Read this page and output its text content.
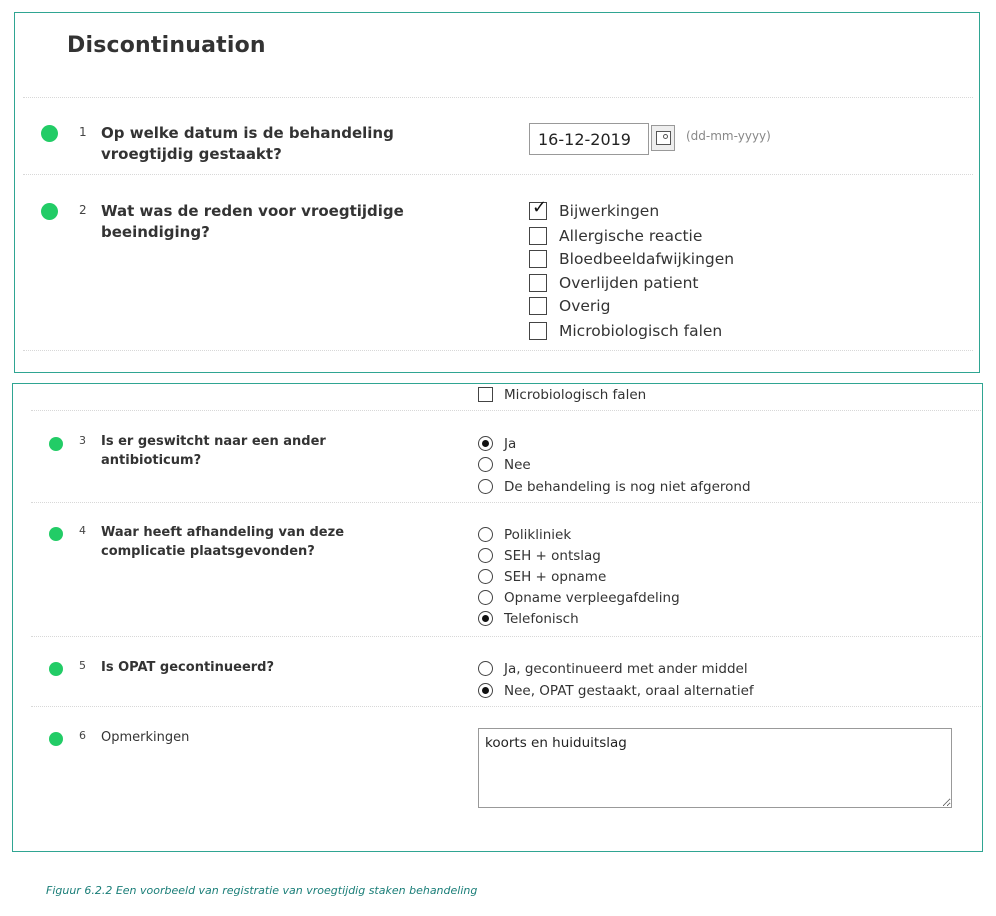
Discontinuation
1 Op welke datum is de behandeling
vroegtijdig gestaakt?
16-12-2019
(dd-mm-yyyy)
2 Wat was de reden voor vroegtijdige
beeindiging?
✓ Bijwerkingen
Allergische reactie
Bloedbeeldafwijkingen
Overlijden patient
Overig
Microbiologisch falen
Microbiologisch falen
3 Is er geswitcht naar een ander
antibioticum?
Ja
Nee
De behandeling is nog niet afgerond
4 Waar heeft afhandeling van deze
complicatie plaatsgevonden?
Polikliniek
SEH + ontslag
SEH + opname
Opname verpleegafdeling
Telefonisch
5 Is OPAT gecontinueerd?	Ja, gecontinueerd met ander middel
Nee, OPAT gestaakt, oraal alternatief
6 Opmerkingen
koorts en huiduitslag
Figuur 6.2.2 Een voorbeeld van registratie van vroegtijdig staken behandeling
